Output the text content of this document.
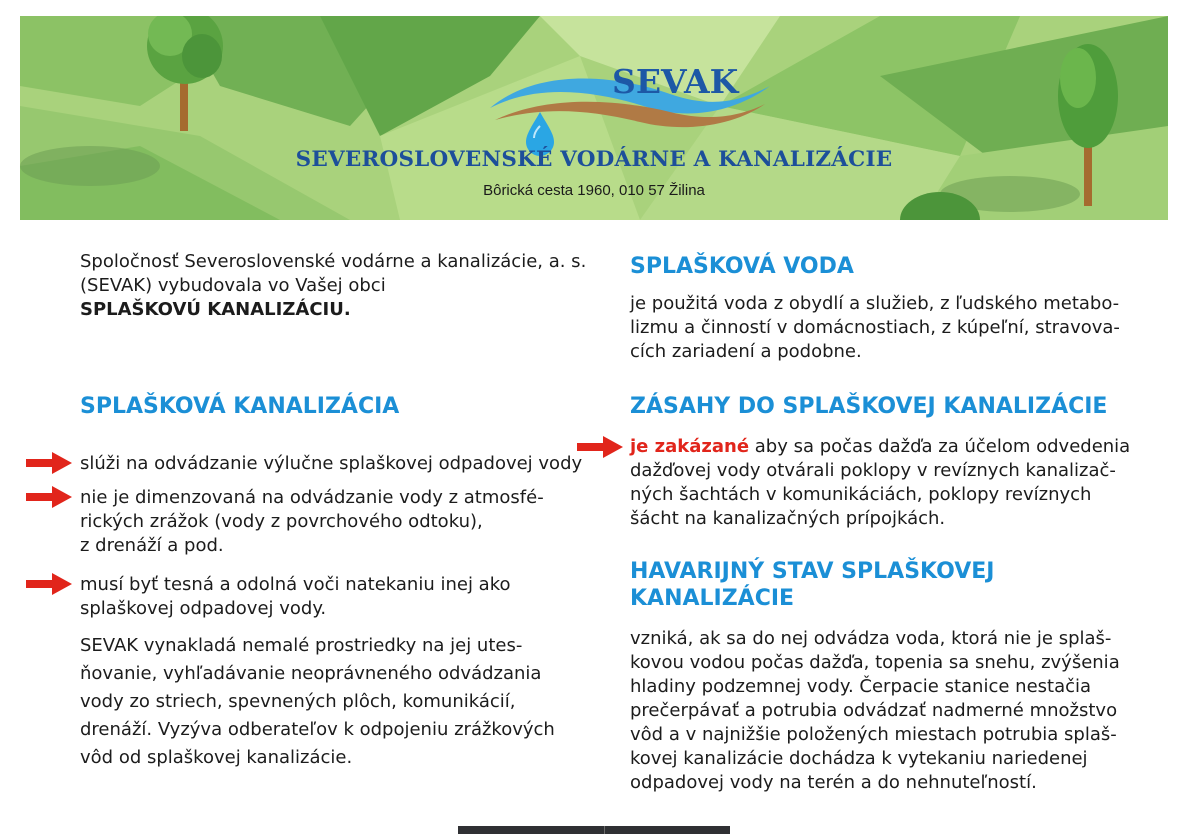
SEVAK
SEVEROSLOVENSKÉ VODÁRNE A KANALIZÁCIE
Bôrická cesta 1960, 010 57 Žilina
Spoločnosť Severoslovenské vodárne a kanalizácie, a. s.
(SEVAK) vybudovala vo Vašej obci
SPLAŠKOVÚ KANALIZÁCIU.
SPLAŠKOVÁ KANALIZÁCIA
slúži na odvádzanie výlučne splaškovej odpadovej vody
nie je dimenzovaná na odvádzanie vody z atmosfé-
rických zrážok (vody z povrchového odtoku),
z drenáží a pod.
musí byť tesná a odolná voči natekaniu inej ako
splaškovej odpadovej vody.
SEVAK vynakladá nemalé prostriedky na jej utes-
ňovanie, vyhľadávanie neoprávneného odvádzania
vody zo striech, spevnených plôch, komunikácií,
drenáží. Vyzýva odberateľov k odpojeniu zrážkových
vôd od splaškovej kanalizácie.
SPLAŠKOVÁ VODA
je použitá voda z obydlí a služieb, z ľudského metabo-
lizmu a činností v domácnostiach, z kúpeľní, stravova-
cích zariadení a podobne.
ZÁSAHY DO SPLAŠKOVEJ KANALIZÁCIE
je zakázané aby sa počas dažďa za účelom odvedenia
dažďovej vody otvárali poklopy v revíznych kanalizač-
ných šachtách v komunikáciách, poklopy revíznych
šácht na kanalizačných prípojkách.
HAVARIJNÝ STAV SPLAŠKOVEJ
KANALIZÁCIE
vzniká, ak sa do nej odvádza voda, ktorá nie je splaš-
kovou vodou počas dažďa, topenia sa snehu, zvýšenia
hladiny podzemnej vody. Čerpacie stanice nestačia
prečerpávať a potrubia odvádzať nadmerné množstvo
vôd a v najnižšie položených miestach potrubia splaš-
kovej kanalizácie dochádza k vytekaniu nariedenej
odpadovej vody na terén a do nehnuteľností.
